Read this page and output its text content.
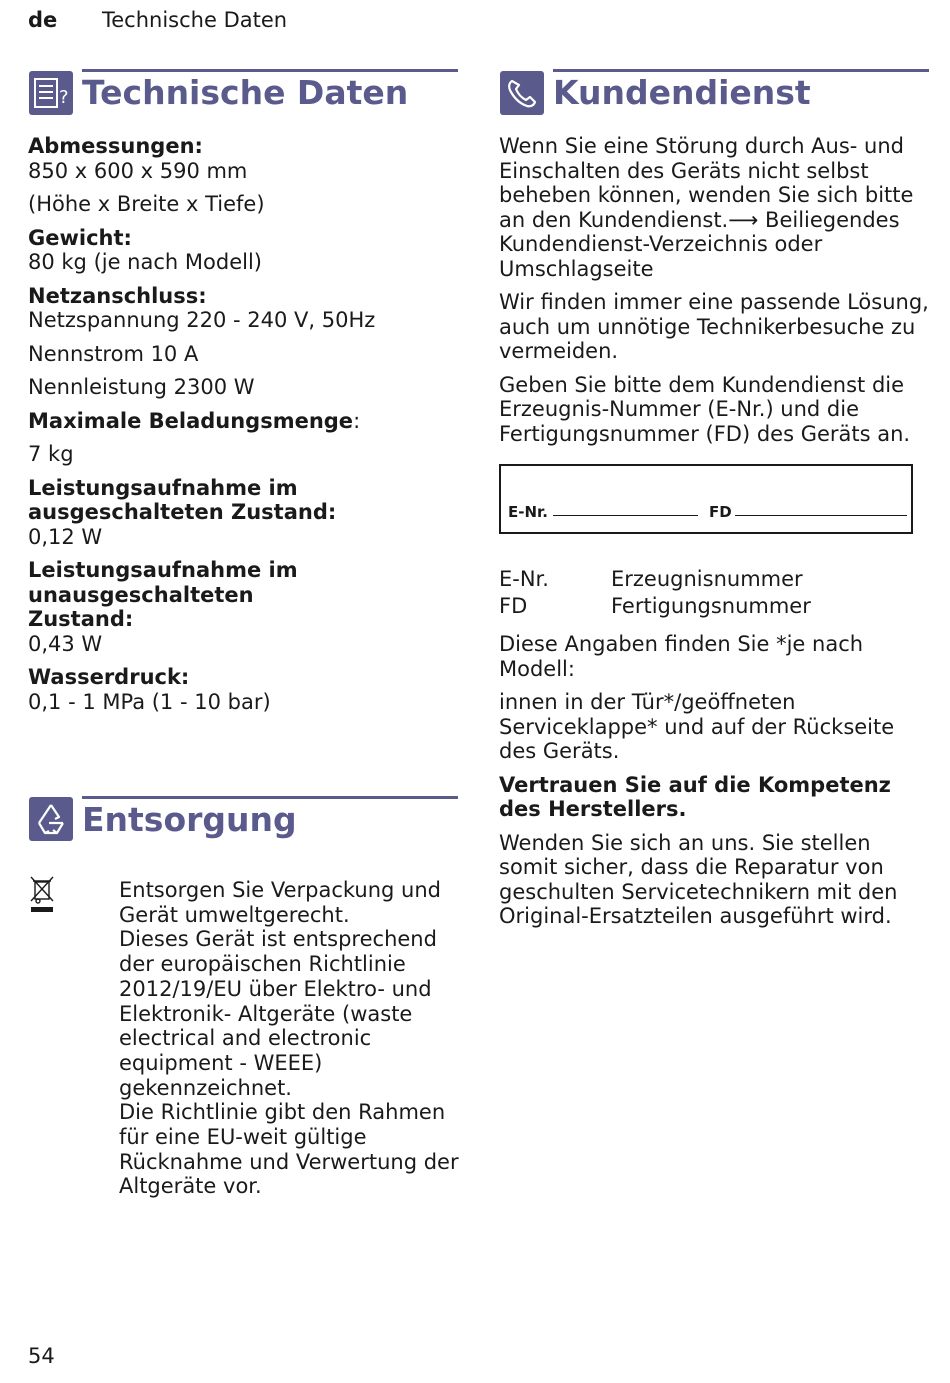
de Technische Daten
? Technische Daten

Abmessungen:

850 x 600 x 590 mm

(Höhe x Breite x Tiefe)

Gewicht:

80 kg (je nach Modell)

Netzanschluss:

Netzspannung 220 - 240 V, 50Hz

Nennstrom 10 A

Nennleistung 2300 W

Maximale Beladungsmenge:

7 kg

Leistungsaufnahme im ausgeschalteten Zustand:

0,12 W

Leistungsaufnahme im unausgeschalteten Zustand:

0,43 W

Wasserdruck:

0,1 - 1 MPa (1 - 10 bar)

Entsorgung

Entsorgen Sie Verpackung und Gerät umweltgerecht.

Dieses Gerät ist entsprechend der europäischen Richtlinie 2012/19/EU über Elektro- und Elektronik- Altgeräte (waste electrical and electronic equipment - WEEE) gekennzeichnet.

Die Richtlinie gibt den Rahmen für eine EU-weit gültige Rücknahme und Verwertung der Altgeräte vor.

Kundendienst

Wenn Sie eine Störung durch Aus- und Einschalten des Geräts nicht selbst beheben können, wenden Sie sich bitte an den Kundendienst.⟶ Beiliegendes Kundendienst-Verzeichnis oder Umschlagseite

Wir finden immer eine passende Lösung, auch um unnötige Technikerbesuche zu vermeiden.

Geben Sie bitte dem Kundendienst die Erzeugnis-Nummer (E-Nr.) und die Fertigungsnummer (FD) des Geräts an.

E-Nr.	FD
E-Nr.	Erzeugnisnummer
FD	Fertigungsnummer

Diese Angaben finden Sie *je nach Modell:

innen in der Tür*/geöffneten Serviceklappe* und auf der Rückseite des Geräts.

Vertrauen Sie auf die Kompetenz des Herstellers.

Wenden Sie sich an uns. Sie stellen somit sicher, dass die Reparatur von geschulten Servicetechnikern mit den Original-Ersatzteilen ausgeführt wird.

54
